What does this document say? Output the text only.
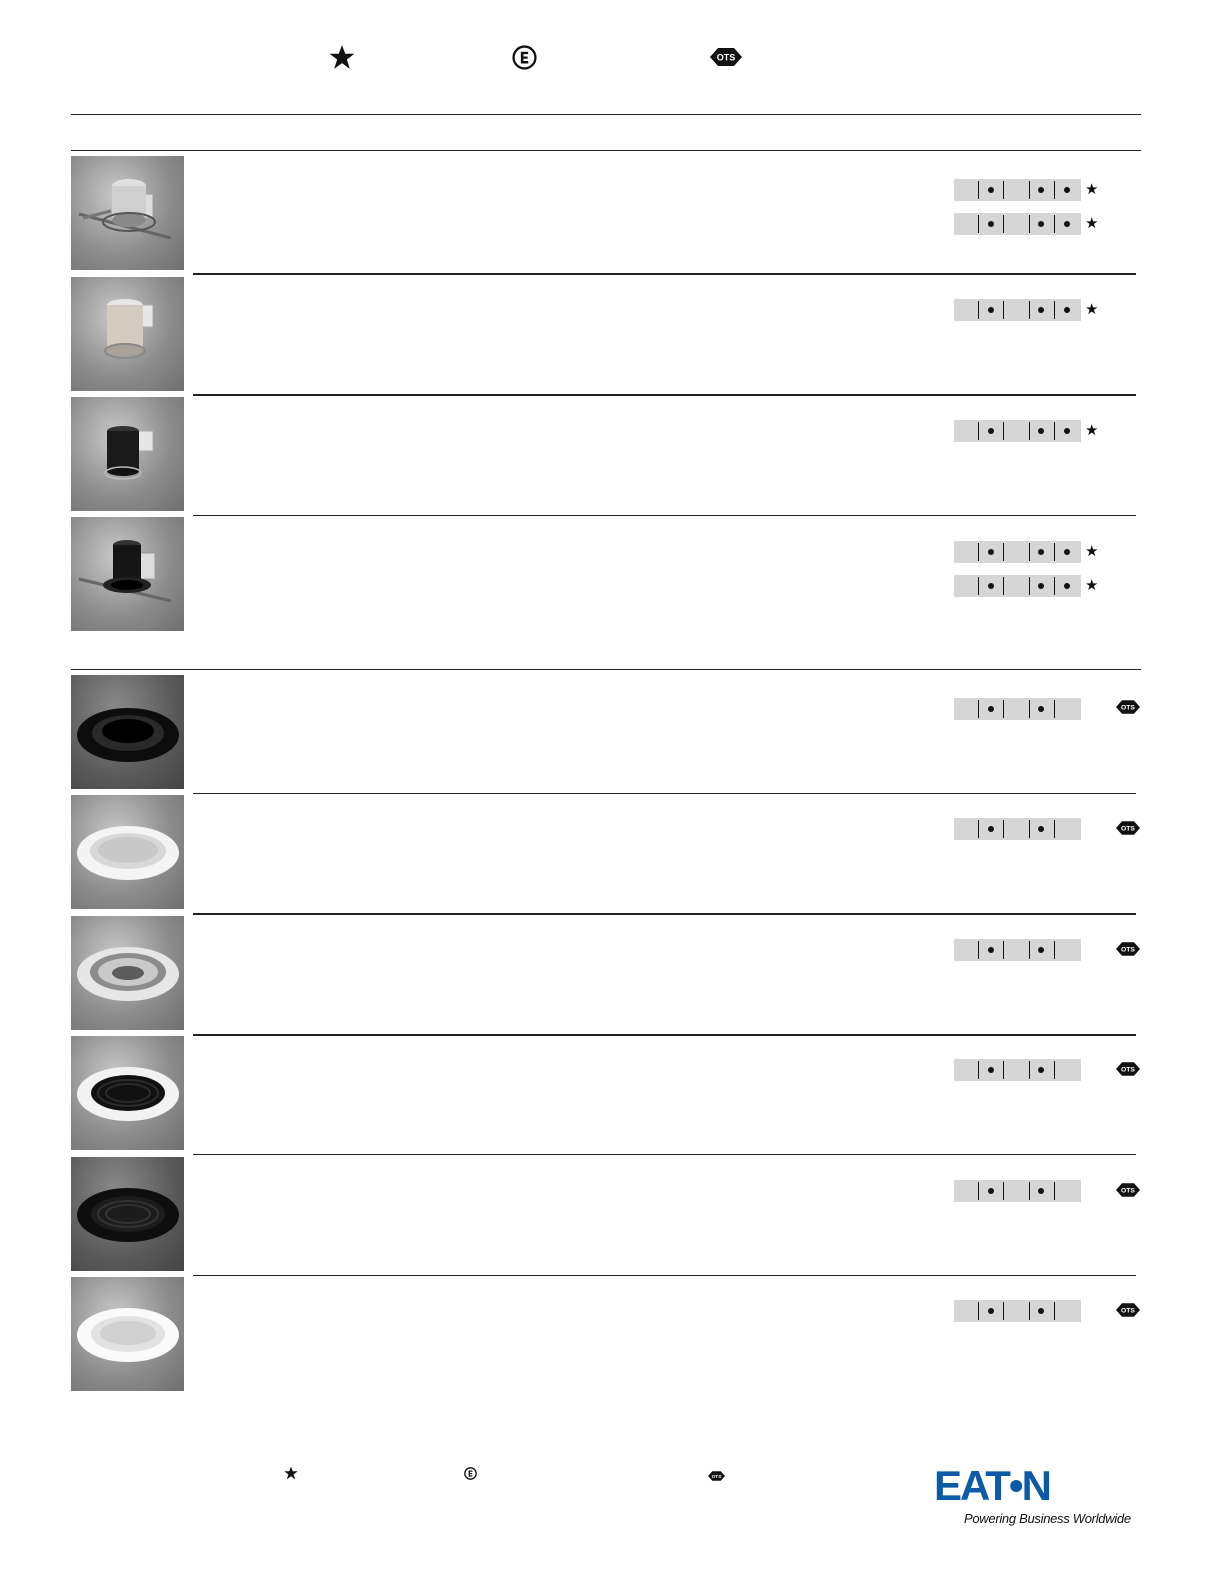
OTS
★
★
★
★
★
★
OTS
OTS
OTS
OTS
OTS
OTS
OTS	EAT•N
Powering Business Worldwide
